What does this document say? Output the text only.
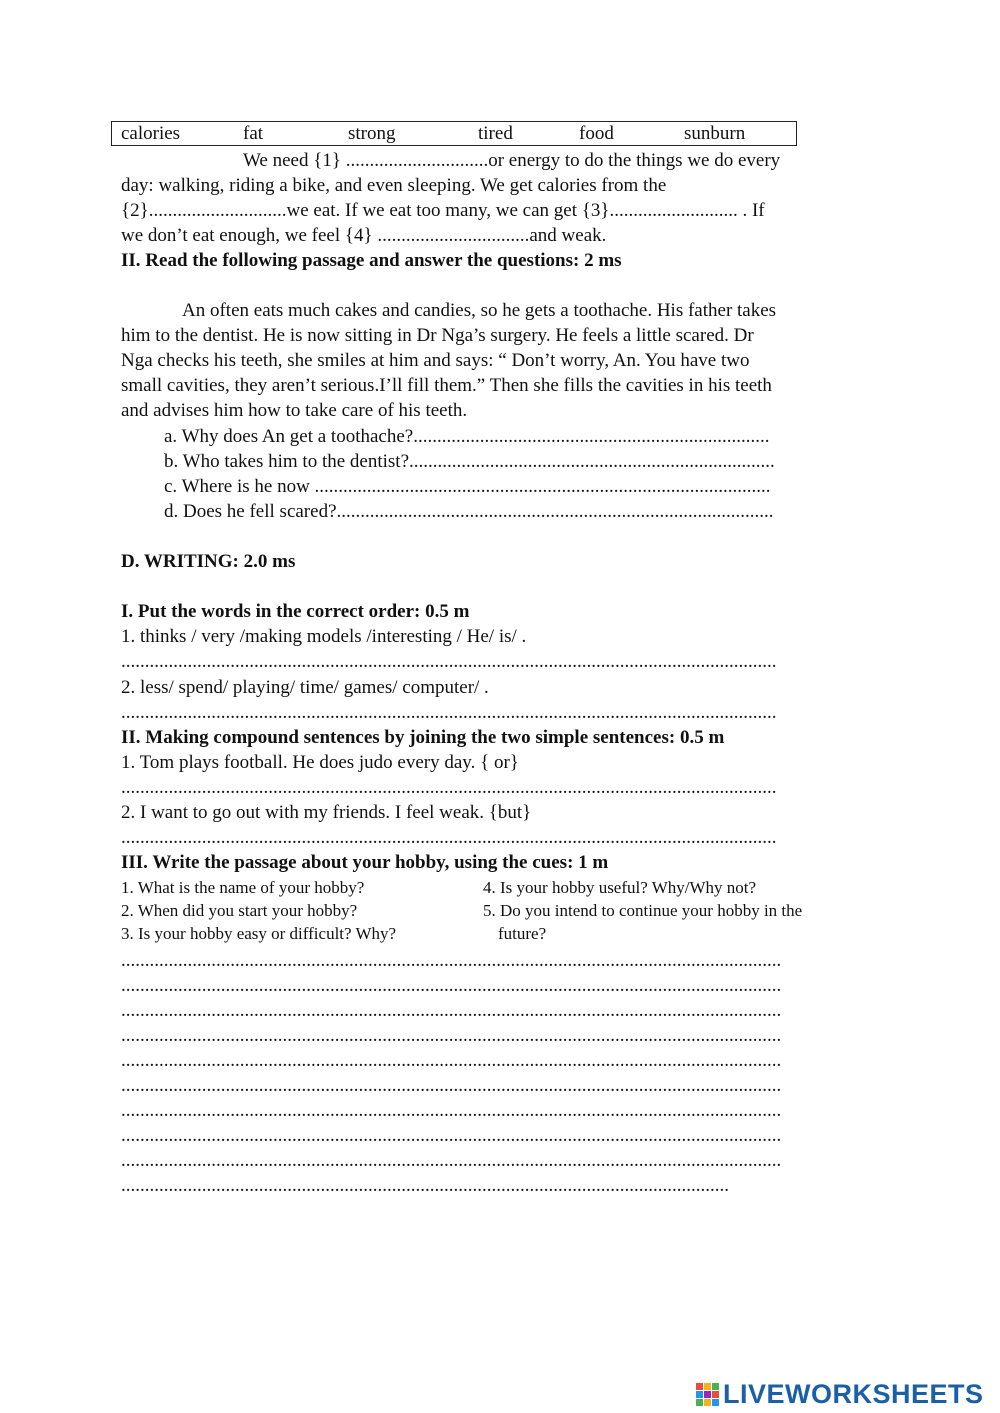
calories	fat	strong	tired	food	sunburn

We need {1} ..............................or energy to do the things we do every

day: walking, riding a bike, and even sleeping. We get calories from the

{2}.............................we eat. If we eat too many, we can get {3}........................... . If

we don’t eat enough, we feel {4} ................................and weak.

II. Read the following passage and answer the questions: 2 ms

An often eats much cakes and candies, so he gets a toothache. His father takes

him to the dentist. He is now sitting in Dr Nga’s surgery. He feels a little scared. Dr

Nga checks his teeth, she smiles at him and says: “ Don’t worry, An. You have two

small cavities, they aren’t serious.I’ll fill them.” Then she fills the cavities in his teeth

and advises him how to take care of his teeth.

a. Why does An get a toothache?...........................................................................

b. Who takes him to the dentist?.............................................................................

c. Where is he now ................................................................................................

d. Does he fell scared?............................................................................................

D. WRITING: 2.0 ms

I. Put the words in the correct order: 0.5 m

1. thinks / very /making models /interesting / He/ is/ .

..........................................................................................................................................

2. less/ spend/ playing/ time/ games/ computer/ .

..........................................................................................................................................

II. Making compound sentences by joining the two simple sentences: 0.5 m

1. Tom plays football. He does judo every day. { or}

..........................................................................................................................................

2. I want to go out with my friends. I feel weak. {but}

..........................................................................................................................................

III. Write the passage about your hobby, using the cues: 1 m

1. What is the name of your hobby?

2. When did you start your hobby?

3. Is your hobby easy or difficult? Why?

4. Is your hobby useful? Why/Why not?

5. Do you intend to continue your hobby in the

future?

...........................................................................................................................................

...........................................................................................................................................

...........................................................................................................................................

...........................................................................................................................................

...........................................................................................................................................

...........................................................................................................................................

...........................................................................................................................................

...........................................................................................................................................

...........................................................................................................................................

................................................................................................................................

LIVEWORKSHEETS
